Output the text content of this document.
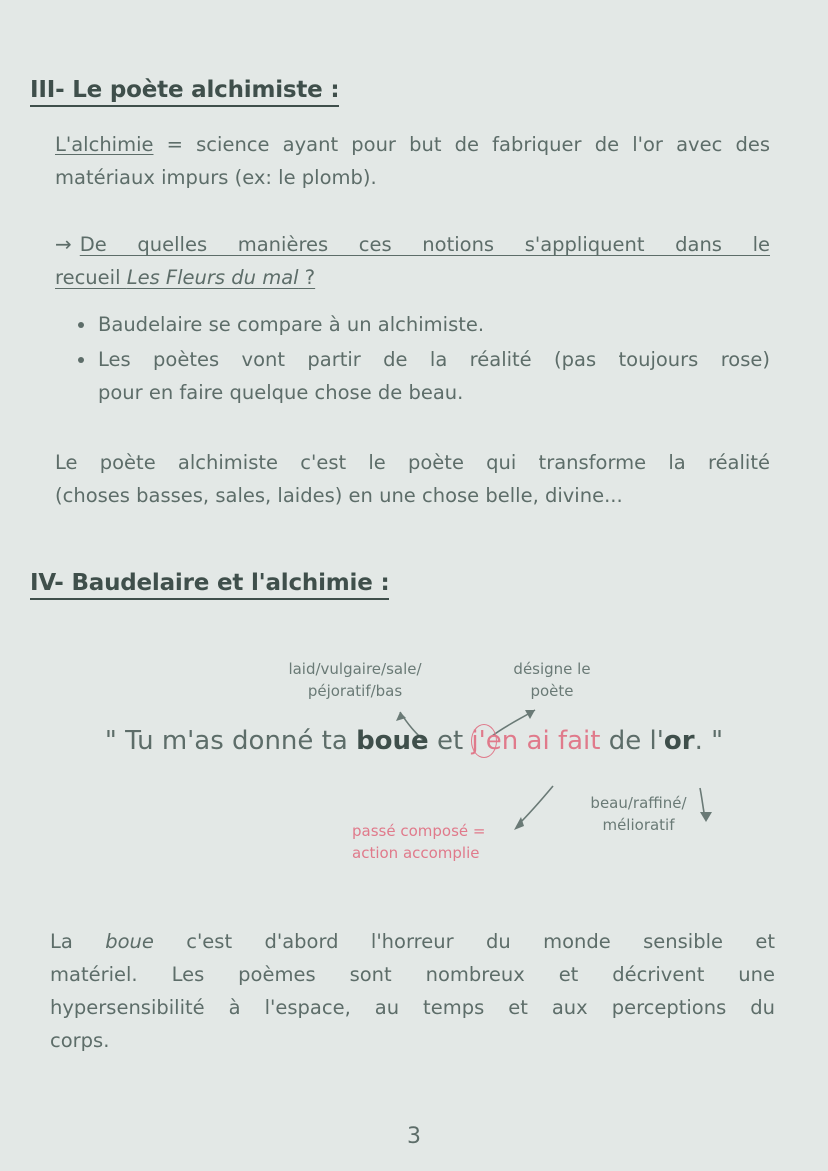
III- Le poète alchimiste :
L'alchimie = science ayant pour but de fabriquer de l'or avec des matériaux impurs (ex: le plomb).
→ De quelles manières ces notions s'appliquent dans le
recueil Les Fleurs du mal ?
Baudelaire se compare à un alchimiste.
Les poètes vont partir de la réalité (pas toujours rose)
pour en faire quelque chose de beau.
Le poète alchimiste c'est le poète qui transforme la réalité
(choses basses, sales, laides) en une chose belle, divine...
IV- Baudelaire et l'alchimie :
laid/vulgaire/sale/
péjoratif/bas
désigne le
poète
" Tu m'as donné ta boue et j'en ai fait de l'or. "
passé composé =
action accomplie
beau/raffiné/
mélioratif
La boue c'est d'abord l'horreur du monde sensible et
matériel. Les poèmes sont nombreux et décrivent une
hypersensibilité à l'espace, au temps et aux perceptions du
corps.
3
